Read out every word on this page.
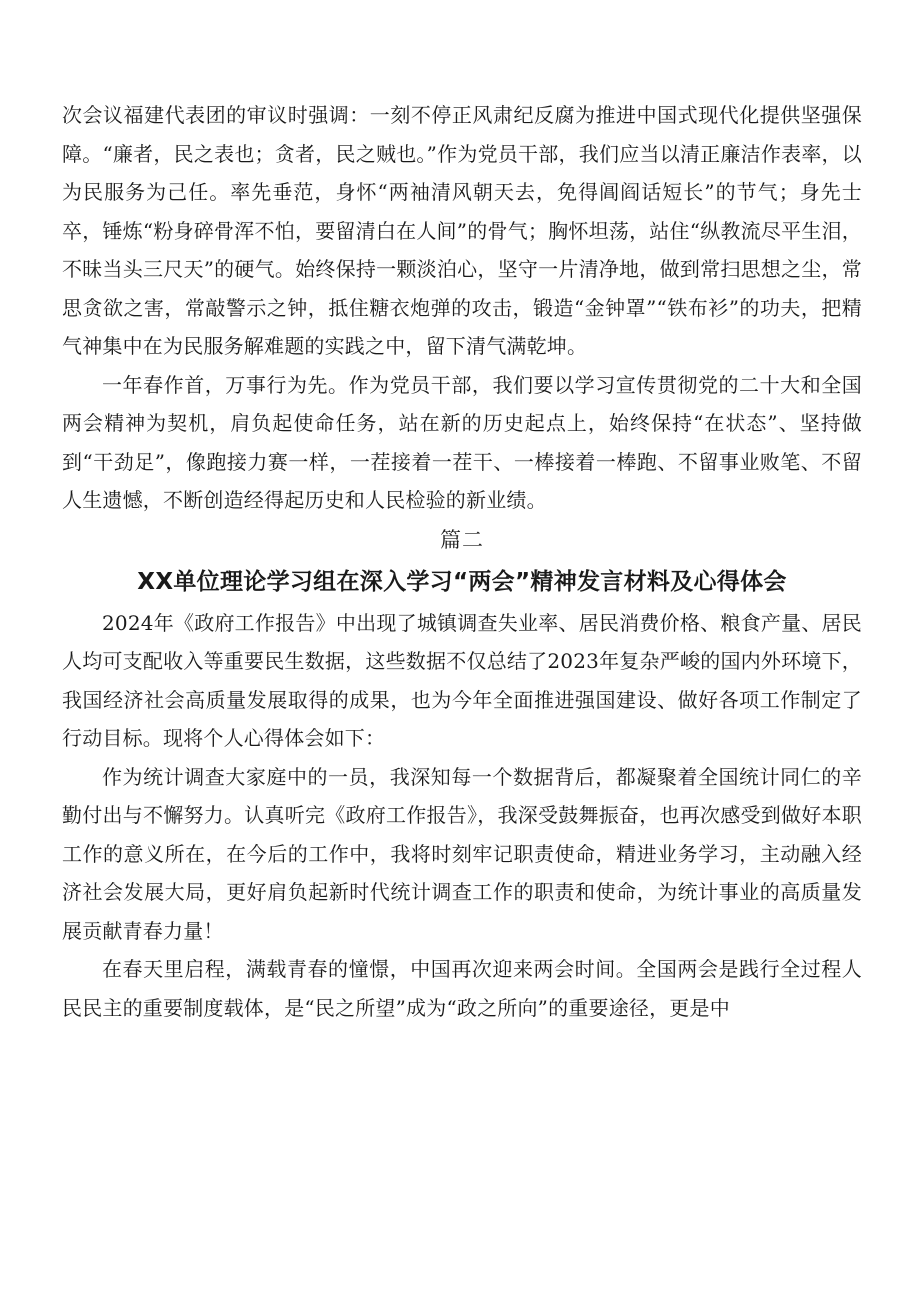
次会议福建代表团的审议时强调：一刻不停正风肃纪反腐为推进中国式现代化提供坚强保障。“廉者，民之表也；贪者，民之贼也。”作为党员干部，我们应当以清正廉洁作表率，以为民服务为己任。率先垂范，身怀“两袖清风朝天去，免得阊阎话短长”的节气；身先士卒，锤炼“粉身碎骨浑不怕，要留清白在人间”的骨气；胸怀坦荡，站住“纵教流尽平生泪，不昧当头三尺天”的硬气。始终保持一颗淡泊心，坚守一片清净地，做到常扫思想之尘，常思贪欲之害，常敲警示之钟，抵住糖衣炮弹的攻击，锻造“金钟罩”“铁布衫”的功夫，把精气神集中在为民服务解难题的实践之中，留下清气满乾坤。

一年春作首，万事行为先。作为党员干部，我们要以学习宣传贯彻党的二十大和全国两会精神为契机，肩负起使命任务，站在新的历史起点上，始终保持“在状态”、坚持做到“干劲足”，像跑接力赛一样，一茬接着一茬干、一棒接着一棒跑、不留事业败笔、不留人生遗憾，不断创造经得起历史和人民检验的新业绩。

篇二

XX单位理论学习组在深入学习“两会”精神发言材料及心得体会

2024年《政府工作报告》中出现了城镇调查失业率、居民消费价格、粮食产量、居民人均可支配收入等重要民生数据，这些数据不仅总结了2023年复杂严峻的国内外环境下，我国经济社会高质量发展取得的成果，也为今年全面推进强国建设、做好各项工作制定了行动目标。现将个人心得体会如下：

作为统计调查大家庭中的一员，我深知每一个数据背后，都凝聚着全国统计同仁的辛勤付出与不懈努力。认真听完《政府工作报告》，我深受鼓舞振奋，也再次感受到做好本职工作的意义所在，在今后的工作中，我将时刻牢记职责使命，精进业务学习，主动融入经济社会发展大局，更好肩负起新时代统计调查工作的职责和使命，为统计事业的高质量发展贡献青春力量！

在春天里启程，满载青春的憧憬，中国再次迎来两会时间。全国两会是践行全过程人民民主的重要制度载体，是“民之所望”成为“政之所向”的重要途径，更是中
